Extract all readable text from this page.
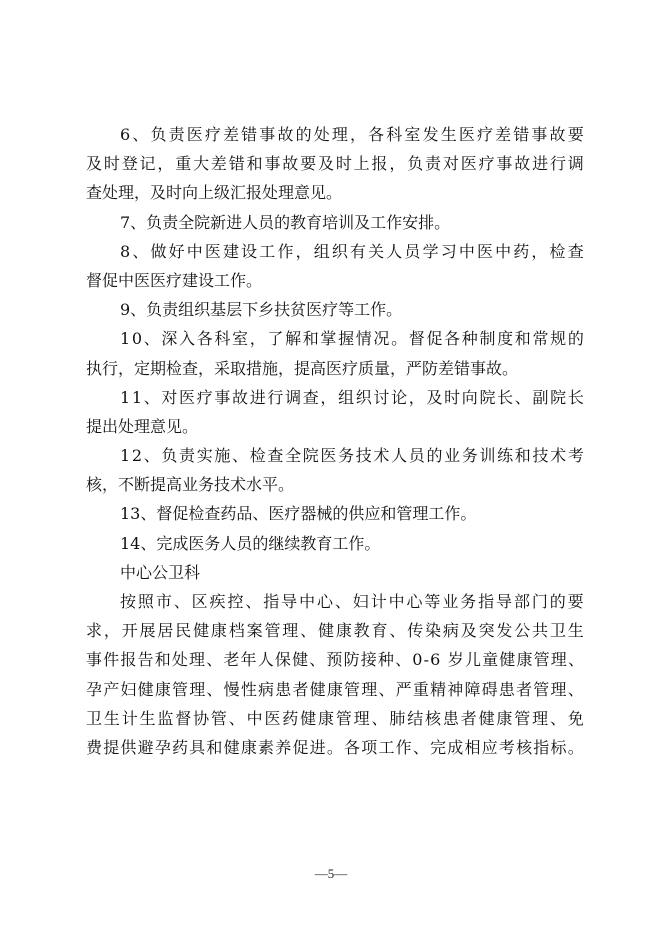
6 、 负 责 医 疗 差 错 事 故 的 处 理 ， 各 科 室 发 生 医 疗 差 错 事 故 要
及 时 登 记 ， 重 大 差 错 和 事 故 要 及 时 上 报 ， 负 责 对 医 疗 事 故 进 行 调
查处理，及时向上级汇报处理意见。
7、负责全院新进人员的教育培训及工作安排。
8 、 做 好 中 医 建 设 工 作 ， 组 织 有 关 人 员 学 习 中 医 中 药 ， 检 查
督促中医医疗建设工作。
9、负责组织基层下乡扶贫医疗等工作。
1 0 、 深 入 各 科 室 ， 了 解 和 掌 握 情 况 。 督 促 各 种 制 度 和 常 规 的
执行，定期检查，采取措施，提高医疗质量，严防差错事故。
1 1 、 对 医 疗 事 故 进 行 调 查 ， 组 织 讨 论 ， 及 时 向 院 长 、 副 院 长
提出处理意见。
1 2 、 负 责 实 施 、 检 查 全 院 医 务 技 术 人 员 的 业 务 训 练 和 技 术 考
核，不断提高业务技术水平。
13、督促检查药品、医疗器械的供应和管理工作。
14、完成医务人员的继续教育工作。
中心公卫科
按 照 市 、 区 疾 控 、 指 导 中 心 、 妇 计 中 心 等 业 务 指 导 部 门 的 要
求 ， 开 展 居 民 健 康 档 案 管 理 、 健 康 教 育 、 传 染 病 及 突 发 公 共 卫 生
事 件 报 告 和 处 理 、 老 年 人 保 健 、 预 防 接 种 、 0 - 6
岁 儿 童 健 康 管 理 、
孕 产 妇 健 康 管 理 、 慢 性 病 患 者 健 康 管 理 、 严 重 精 神 障 碍 患 者 管 理 、
卫 生 计 生 监 督 协 管 、 中 医 药 健 康 管 理 、 肺 结 核 患 者 健 康 管 理 、 免
费 提 供 避 孕 药 具 和 健 康 素 养 促 进 。 各 项 工 作 、 完 成 相 应 考 核 指 标 。
—5—
